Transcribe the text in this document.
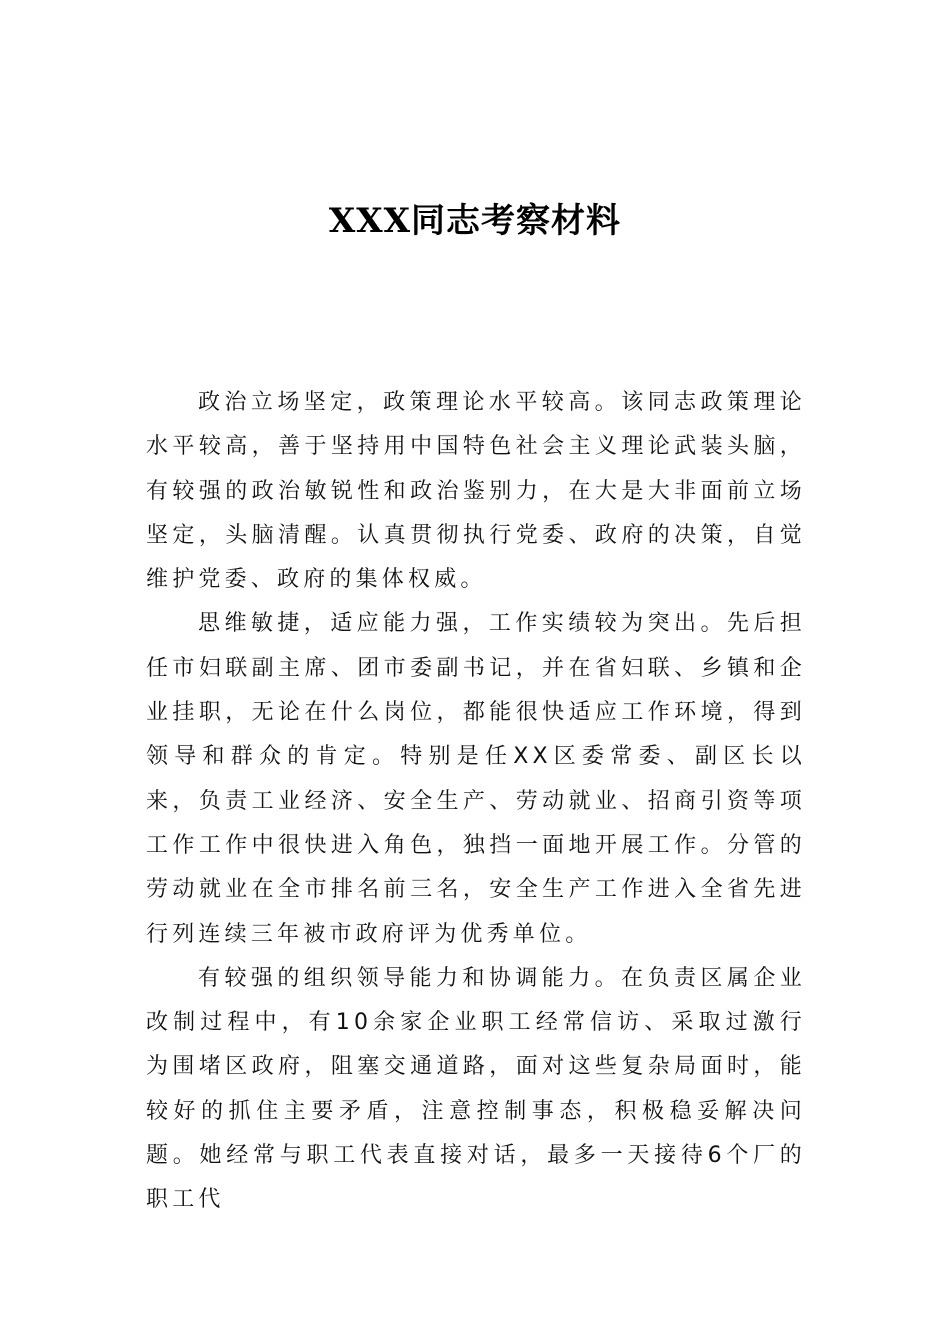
XXX同志考察材料

政治立场坚定，政策理论水平较高。该同志政策理论水平较高，善于坚持用中国特色社会主义理论武装头脑，有较强的政治敏锐性和政治鉴别力，在大是大非面前立场坚定，头脑清醒。认真贯彻执行党委、政府的决策，自觉维护党委、政府的集体权威。

思维敏捷，适应能力强，工作实绩较为突出。先后担任市妇联副主席、团市委副书记，并在省妇联、乡镇和企业挂职，无论在什么岗位，都能很快适应工作环境，得到领导和群众的肯定。特别是任XX区委常委、副区长以来，负责工业经济、安全生产、劳动就业、招商引资等项工作工作中很快进入角色，独挡一面地开展工作。分管的劳动就业在全市排名前三名，安全生产工作进入全省先进行列连续三年被市政府评为优秀单位。

有较强的组织领导能力和协调能力。在负责区属企业改制过程中，有10余家企业职工经常信访、采取过激行为围堵区政府，阻塞交通道路，面对这些复杂局面时，能较好的抓住主要矛盾，注意控制事态，积极稳妥解决问题。她经常与职工代表直接对话，最多一天接待6个厂的职工代
